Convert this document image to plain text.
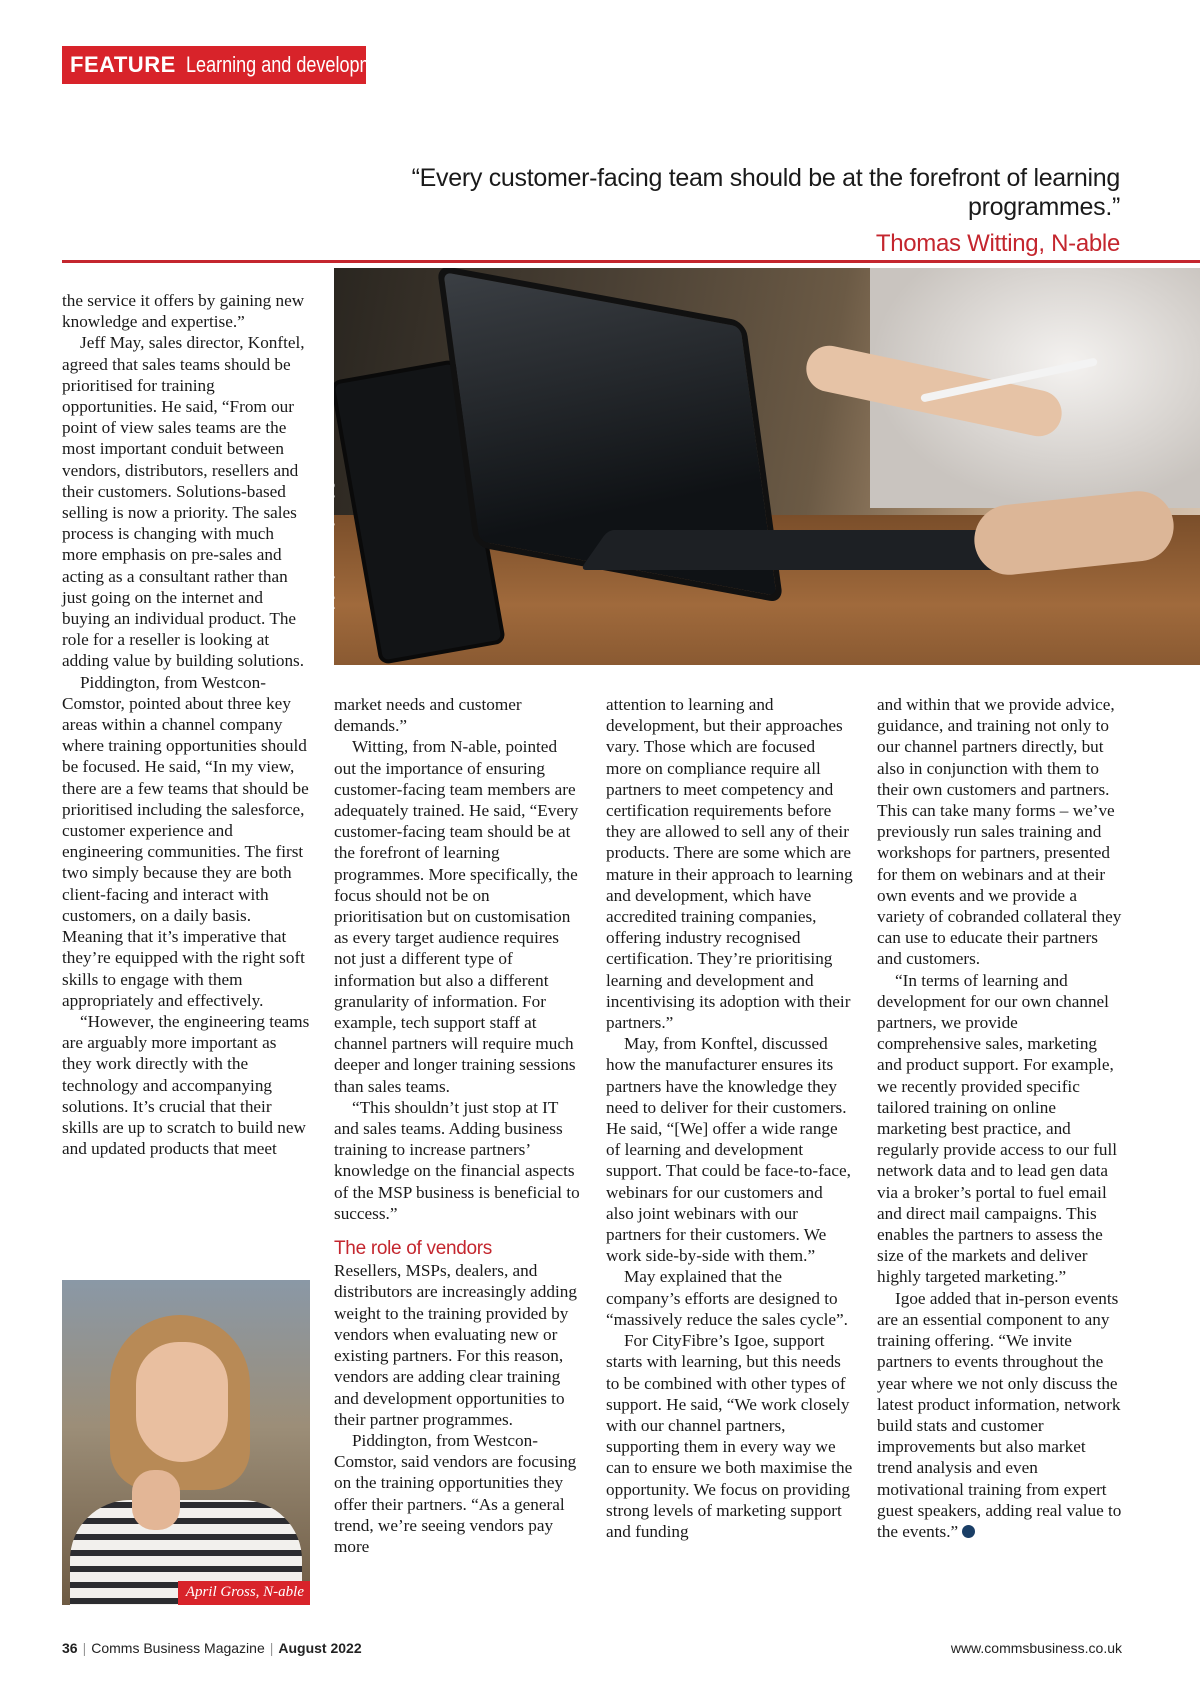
FEATURE Learning and development
“Every customer-facing team should be at the forefront of learning programmes.”
Thomas Witting, N-able
© bongkarn-stock.adobe.com

the service it offers by gaining new knowledge and expertise.”

Jeff May, sales director, Konftel, agreed that sales teams should be prioritised for training opportunities. He said, “From our point of view sales teams are the most important conduit between vendors, distributors, resellers and their customers. Solutions-based selling is now a priority. The sales process is changing with much more emphasis on pre-sales and acting as a consultant rather than just going on the internet and buying an individual product. The role for a reseller is looking at adding value by building solutions.

Piddington, from Westcon-Comstor, pointed about three key areas within a channel company where training opportunities should be focused. He said, “In my view, there are a few teams that should be prioritised including the salesforce, customer experience and engineering communities. The first two simply because they are both client-facing and interact with customers, on a daily basis. Meaning that it’s imperative that they’re equipped with the right soft skills to engage with them appropriately and effectively.

“However, the engineering teams are arguably more important as they work directly with the technology and accompanying solutions. It’s crucial that their skills are up to scratch to build new and updated products that meet

April Gross, N-able

market needs and customer demands.”

Witting, from N-able, pointed out the importance of ensuring customer-facing team members are adequately trained. He said, “Every customer-facing team should be at the forefront of learning programmes. More specifically, the focus should not be on prioritisation but on customisation as every target audience requires not just a different type of information but also a different granularity of information. For example, tech support staff at channel partners will require much deeper and longer training sessions than sales teams.

“This shouldn’t just stop at IT and sales teams. Adding business training to increase partners’ knowledge on the financial aspects of the MSP business is beneficial to success.”

The role of vendors

Resellers, MSPs, dealers, and distributors are increasingly adding weight to the training provided by vendors when evaluating new or existing partners. For this reason, vendors are adding clear training and development opportunities to their partner programmes.

Piddington, from Westcon-Comstor, said vendors are focusing on the training opportunities they offer their partners. “As a general trend, we’re seeing vendors pay more

attention to learning and development, but their approaches vary. Those which are focused more on compliance require all partners to meet competency and certification requirements before they are allowed to sell any of their products. There are some which are mature in their approach to learning and development, which have accredited training companies, offering industry recognised certification. They’re prioritising learning and development and incentivising its adoption with their partners.”

May, from Konftel, discussed how the manufacturer ensures its partners have the knowledge they need to deliver for their customers. He said, “[We] offer a wide range of learning and development support. That could be face-to-face, webinars for our customers and also joint webinars with our partners for their customers. We work side-by-side with them.”

May explained that the company’s efforts are designed to “massively reduce the sales cycle”.

For CityFibre’s Igoe, support starts with learning, but this needs to be combined with other types of support. He said, “We work closely with our channel partners, supporting them in every way we can to ensure we both maximise the opportunity. We focus on providing strong levels of marketing support and funding

and within that we provide advice, guidance, and training not only to our channel partners directly, but also in conjunction with them to their own customers and partners. This can take many forms – we’ve previously run sales training and workshops for partners, presented for them on webinars and at their own events and we provide a variety of cobranded collateral they can use to educate their partners and customers.

“In terms of learning and development for our own channel partners, we provide comprehensive sales, marketing and product support. For example, we recently provided specific tailored training on online marketing best practice, and regularly provide access to our full network data and to lead gen data via a broker’s portal to fuel email and direct mail campaigns. This enables the partners to assess the size of the markets and deliver highly targeted marketing.”

Igoe added that in-person events are an essential component to any training offering. “We invite partners to events throughout the year where we not only discuss the latest product information, network build stats and customer improvements but also market trend analysis and even motivational training from expert guest speakers, adding real value to the events.”

36 | Comms Business Magazine | August 2022	www.commsbusiness.co.uk
